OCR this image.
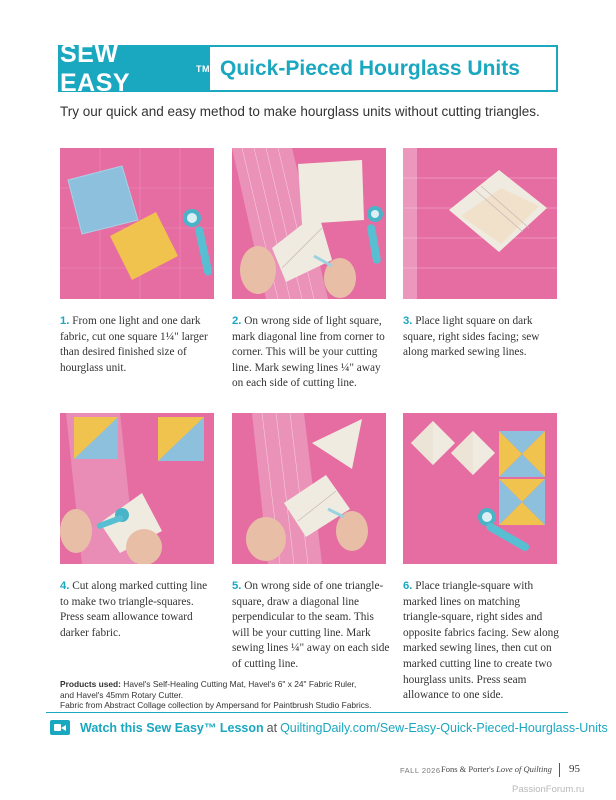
SEW EASY	TM Quick-Pieced Hourglass Units
Try our quick and easy method to make hourglass units without cutting triangles.
1. From one light and one dark fabric, cut one square 1¼" larger than desired finished size of hourglass unit.
2. On wrong side of light square, mark diagonal line from corner to corner. This will be your cutting line. Mark sewing lines ¼" away on each side of cutting line.
3. Place light square on dark square, right sides facing; sew along marked sewing lines.
4. Cut along marked cutting line to make two triangle-squares. Press seam allowance toward darker fabric.
5. On wrong side of one triangle-square, draw a diagonal line perpendicular to the seam. This will be your cutting line. Mark sewing lines ¼" away on each side of cutting line.
6. Place triangle-square with marked lines on matching triangle-square, right sides and opposite fabrics facing. Sew along marked sewing lines, then cut on marked cutting line to create two hourglass units. Press seam allowance to one side.
Products used: Havel's Self-Healing Cutting Mat, Havel's 6" x 24" Fabric Ruler,
and Havel's 45mm Rotary Cutter.
Fabric from Abstract Collage collection by Ampersand for Paintbrush Studio Fabrics.
Watch this Sew Easy™ Lesson at QuiltingDaily.com/Sew-Easy-Quick-Pieced-Hourglass-Units
FALL 2026 Fons & Porter's Love of Quilting 95
PassionForum.ru
